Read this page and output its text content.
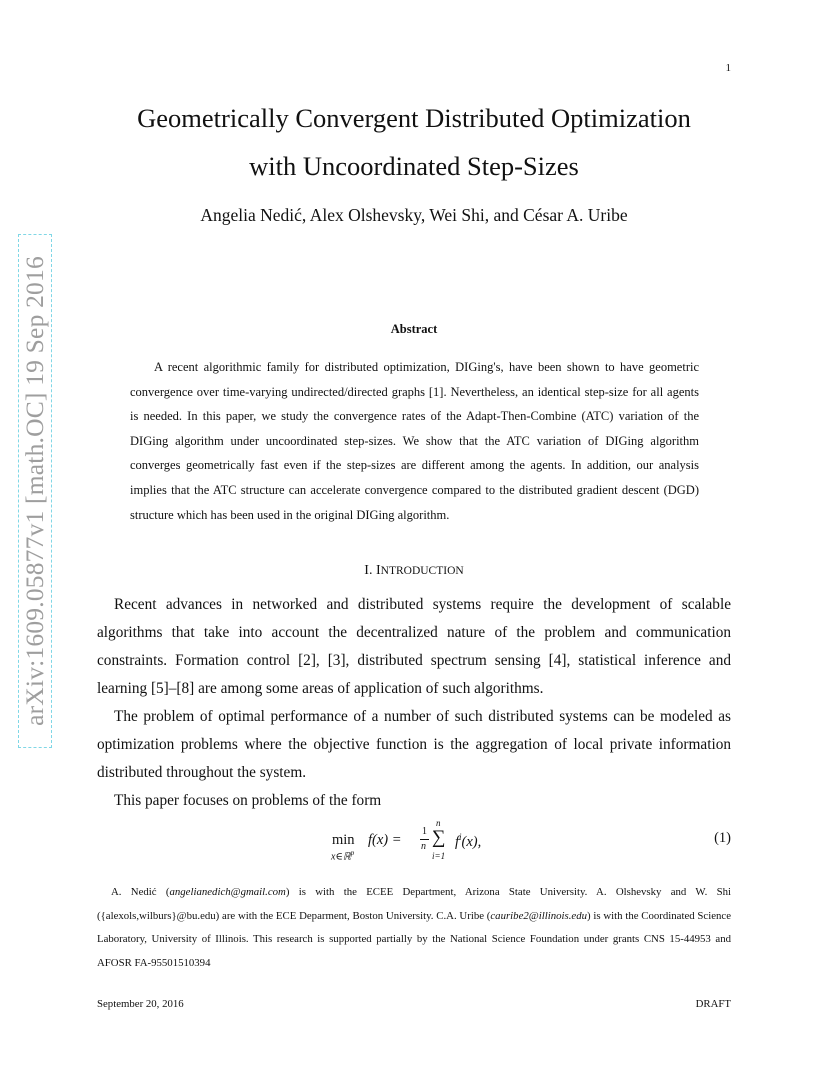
1
Geometrically Convergent Distributed Optimization
with Uncoordinated Step-Sizes
Angelia Nedić, Alex Olshevsky, Wei Shi, and César A. Uribe
arXiv:1609.05877v1 [math.OC] 19 Sep 2016	Abstract
A recent algorithmic family for distributed optimization, DIGing's, have been shown to have geometric convergence over time-varying undirected/directed graphs [1]. Nevertheless, an identical step-size for all agents is needed. In this paper, we study the convergence rates of the Adapt-Then-Combine (ATC) variation of the DIGing algorithm under uncoordinated step-sizes. We show that the ATC variation of DIGing algorithm converges geometrically fast even if the step-sizes are different among the agents. In addition, our analysis implies that the ATC structure can accelerate convergence compared to the distributed gradient descent (DGD) structure which has been used in the original DIGing algorithm.
I. INTRODUCTION
Recent advances in networked and distributed systems require the development of scalable algorithms that take into account the decentralized nature of the problem and communication constraints. Formation control [2], [3], distributed spectrum sensing [4], statistical inference and learning [5]–[8] are among some areas of application of such algorithms.
The problem of optimal performance of a number of such distributed systems can be modeled as optimization problems where the objective function is the aggregation of local private information distributed throughout the system.
This paper focuses on problems of the form
min
x∈ℝ$^p$
f(x) =
1
n
n
∑
i=1
$f^i(x)$,	(1)
A. Nedić (angelianedich@gmail.com) is with the ECEE Department, Arizona State University. A. Olshevsky and W. Shi ({alexols,wilburs}@bu.edu) are with the ECE Deparment, Boston University. C.A. Uribe (cauribe2@illinois.edu) is with the Coordinated Science Laboratory, University of Illinois. This research is supported partially by the National Science Foundation under grants CNS 15-44953 and AFOSR FA-95501510394
September 20, 2016	DRAFT
